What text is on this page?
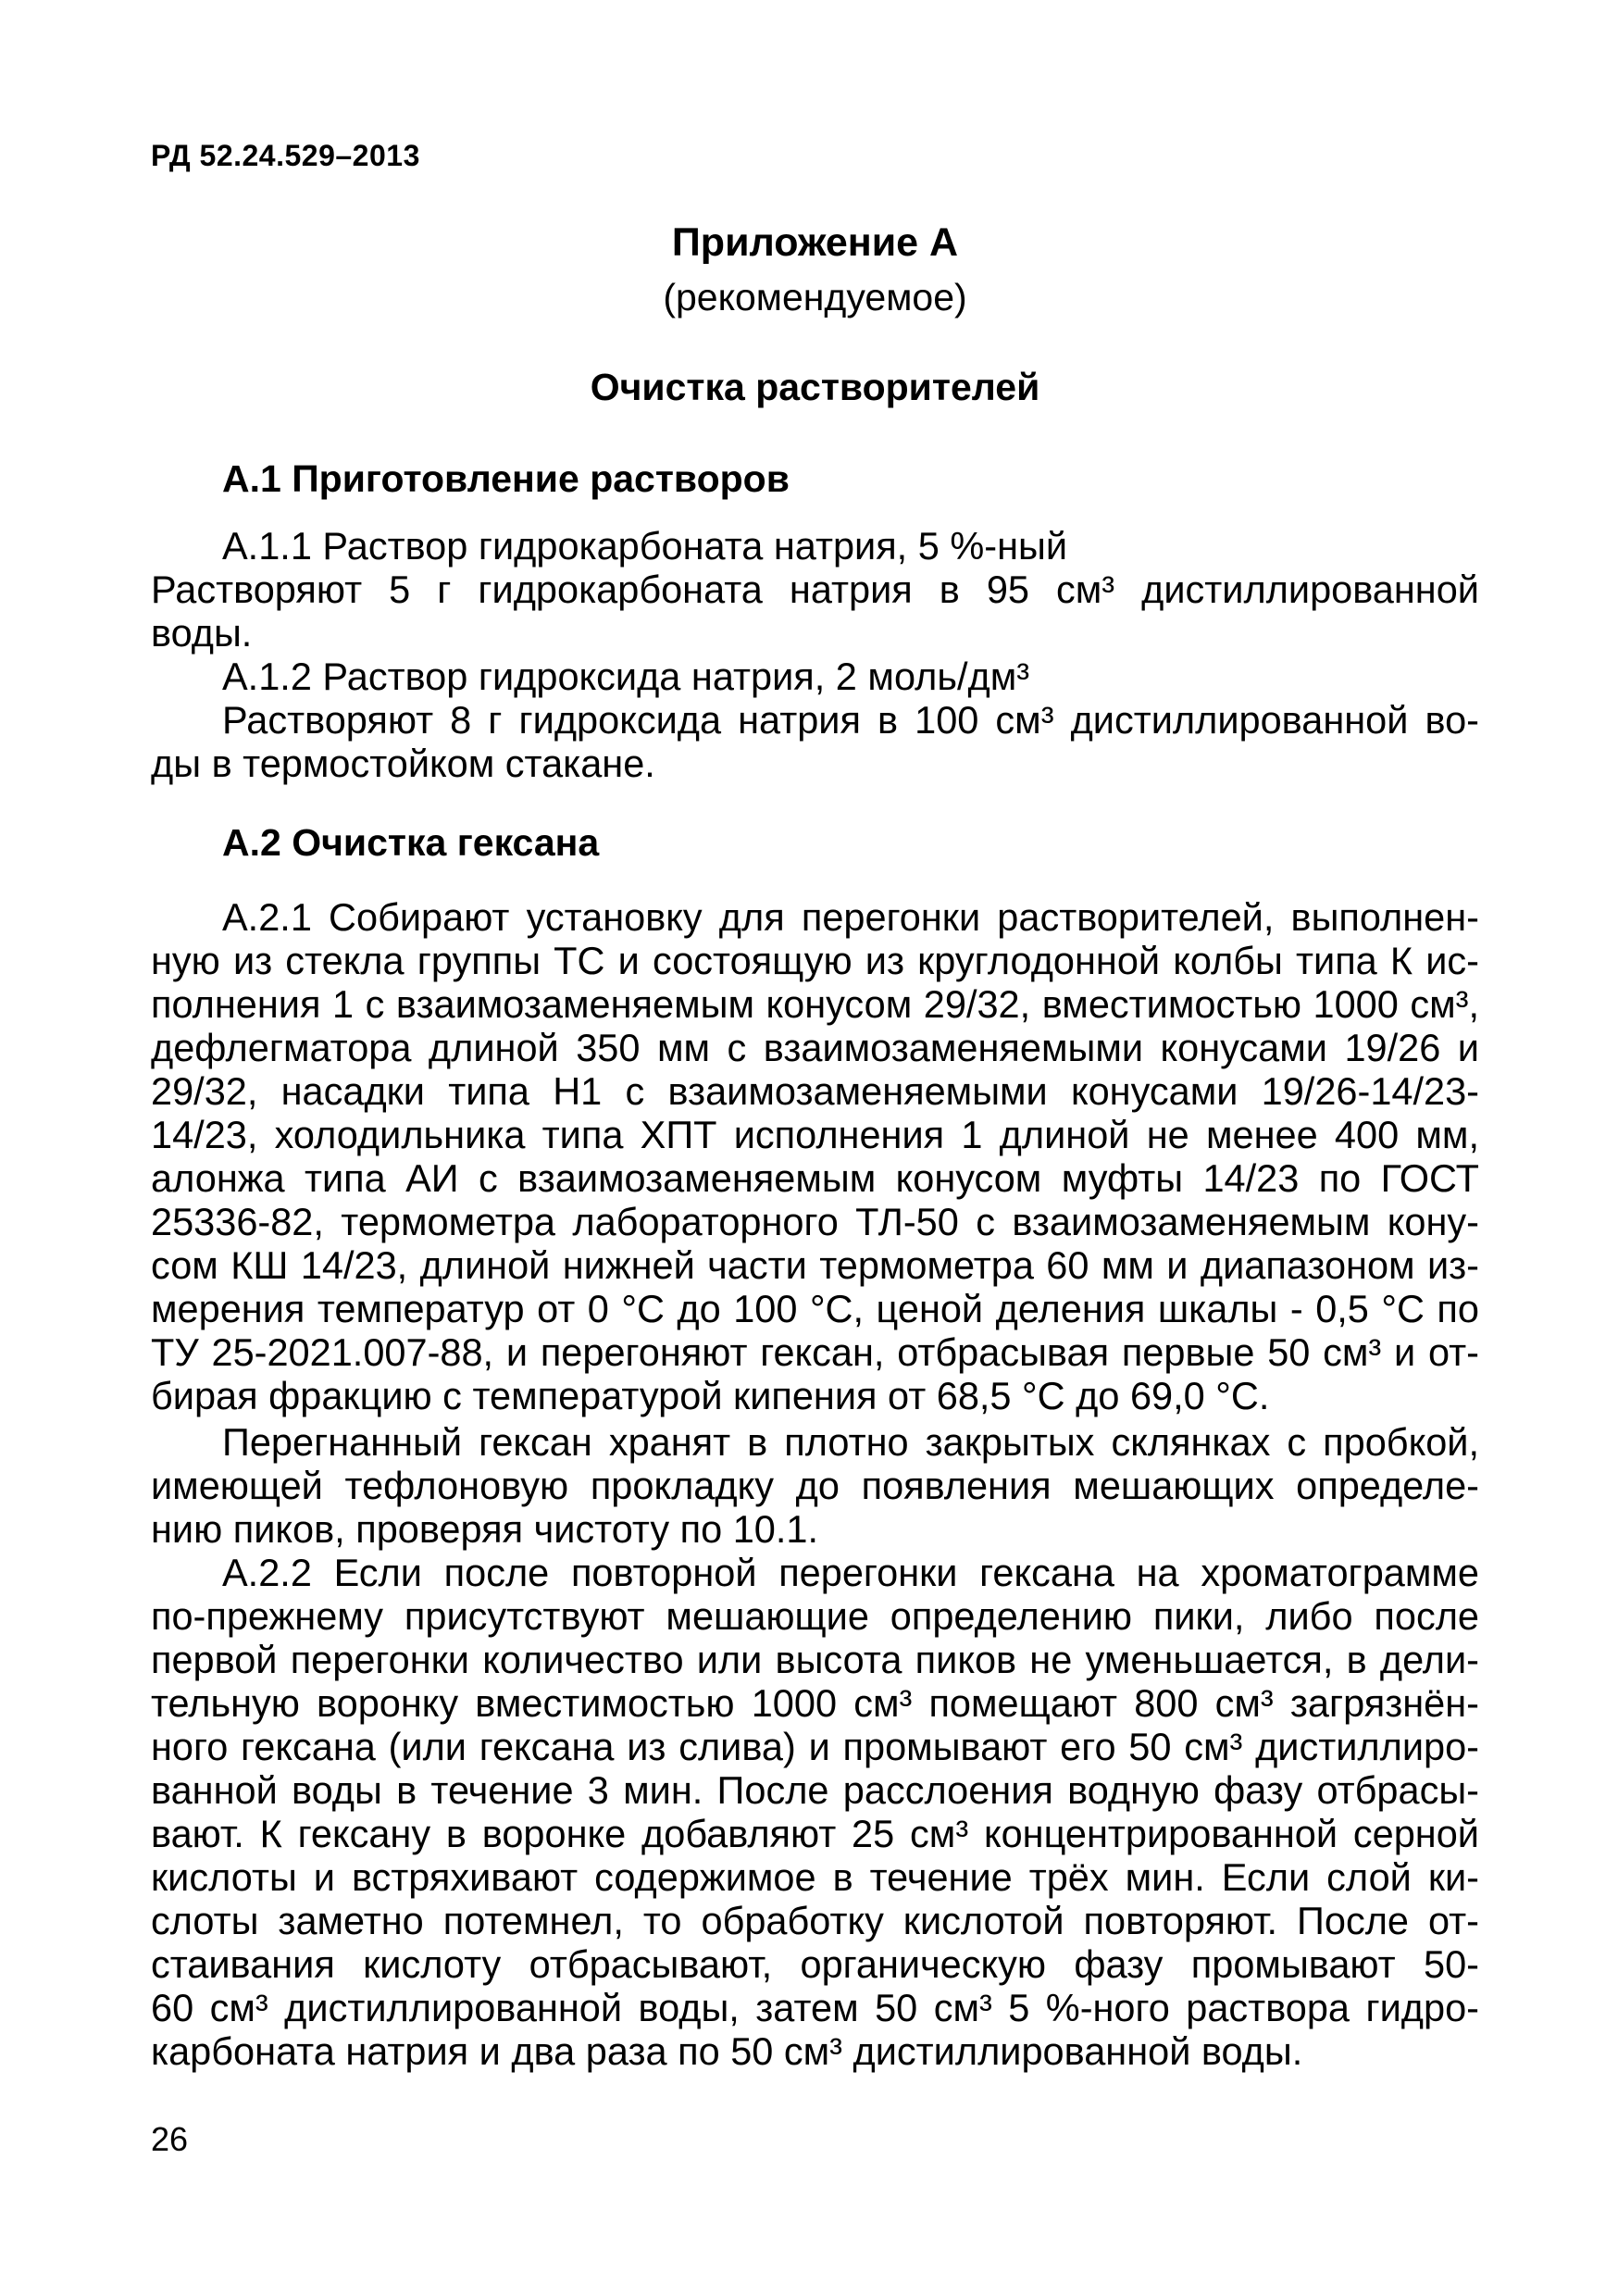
РД 52.24.529–2013
Приложение А
(рекомендуемое)
Очистка растворителей
А.1 Приготовление растворов
А.1.1 Раствор гидрокарбоната натрия, 5 %-ный
Растворяют 5 г гидрокарбоната натрия в 95 см³ дистиллированной
воды.
А.1.2 Раствор гидроксида натрия, 2 моль/дм³
Растворяют 8 г гидроксида натрия в 100 см³ дистиллированной во-
ды в термостойком стакане.
А.2 Очистка гексана
А.2.1 Собирают установку для перегонки растворителей, выполнен-
ную из стекла группы ТС и состоящую из круглодонной колбы типа К ис-
полнения 1 с взаимозаменяемым конусом 29/32, вместимостью 1000 см³,
дефлегматора длиной 350 мм с взаимозаменяемыми конусами 19/26 и
29/32, насадки типа Н1 с взаимозаменяемыми конусами 19/26-14/23-
14/23, холодильника типа ХПТ исполнения 1 длиной не менее 400 мм,
алонжа типа АИ с взаимозаменяемым конусом муфты 14/23 по ГОСТ
25336-82, термометра лабораторного ТЛ-50 с взаимозаменяемым кону-
сом КШ 14/23, длиной нижней части термометра 60 мм и диапазоном из-
мерения температур от 0 °С до 100 °С, ценой деления шкалы - 0,5 °С по
ТУ 25-2021.007-88, и перегоняют гексан, отбрасывая первые 50 см³ и от-
бирая фракцию с температурой кипения от 68,5 °С до 69,0 °С.
Перегнанный гексан хранят в плотно закрытых склянках с пробкой,
имеющей тефлоновую прокладку до появления мешающих определе-
нию пиков, проверяя чистоту по 10.1.
А.2.2 Если после повторной перегонки гексана на хроматограмме
по-прежнему присутствуют мешающие определению пики, либо после
первой перегонки количество или высота пиков не уменьшается, в дели-
тельную воронку вместимостью 1000 см³ помещают 800 см³ загрязнён-
ного гексана (или гексана из слива) и промывают его 50 см³ дистиллиро-
ванной воды в течение 3 мин. После расслоения водную фазу отбрасы-
вают. К гексану в воронке добавляют 25 см³ концентрированной серной
кислоты и встряхивают содержимое в течение трёх мин. Если слой ки-
слоты заметно потемнел, то обработку кислотой повторяют. После от-
стаивания кислоту отбрасывают, органическую фазу промывают 50-
60 см³ дистиллированной воды, затем 50 см³ 5 %-ного раствора гидро-
карбоната натрия и два раза по 50 см³ дистиллированной воды.
26
